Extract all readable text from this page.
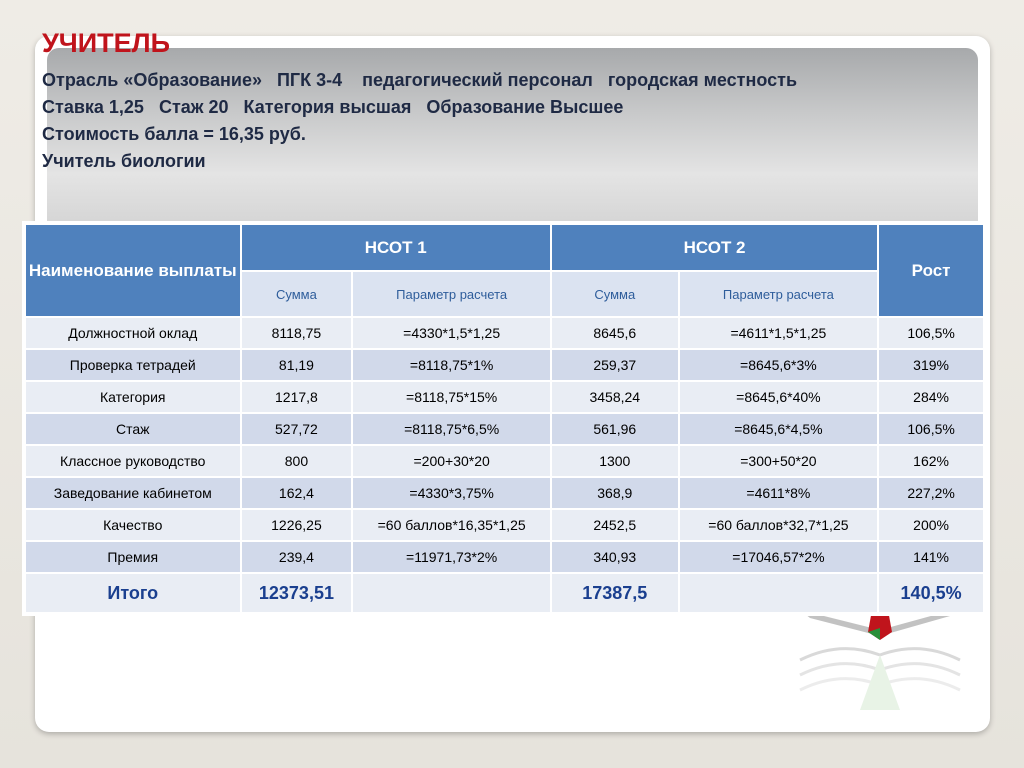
УЧИТЕЛЬ
Отрасль «Образование»   ПГК 3-4    педагогический персонал   городская местность
Ставка 1,25   Стаж 20   Категория высшая   Образование Высшее
Стоимость балла = 16,35 руб.
Учитель биологии
Наименование выплаты	НСОТ 1		НСОТ 2		Рост
	Сумма	Параметр расчета	Сумма	Параметр расчета	
Должностной оклад	8118,75	=4330*1,5*1,25	8645,6	=4611*1,5*1,25	106,5%
Проверка тетрадей	81,19	=8118,75*1%	259,37	=8645,6*3%	319%
Категория	1217,8	=8118,75*15%	3458,24	=8645,6*40%	284%
Стаж	527,72	=8118,75*6,5%	561,96	=8645,6*4,5%	106,5%
Классное руководство	800	=200+30*20	1300	=300+50*20	162%
Заведование кабинетом	162,4	=4330*3,75%	368,9	=4611*8%	227,2%
Качество	1226,25	=60 баллов*16,35*1,25	2452,5	=60 баллов*32,7*1,25	200%
Премия	239,4	=11971,73*2%	340,93	=17046,57*2%	141%
Итого	12373,51		17387,5		140,5%
